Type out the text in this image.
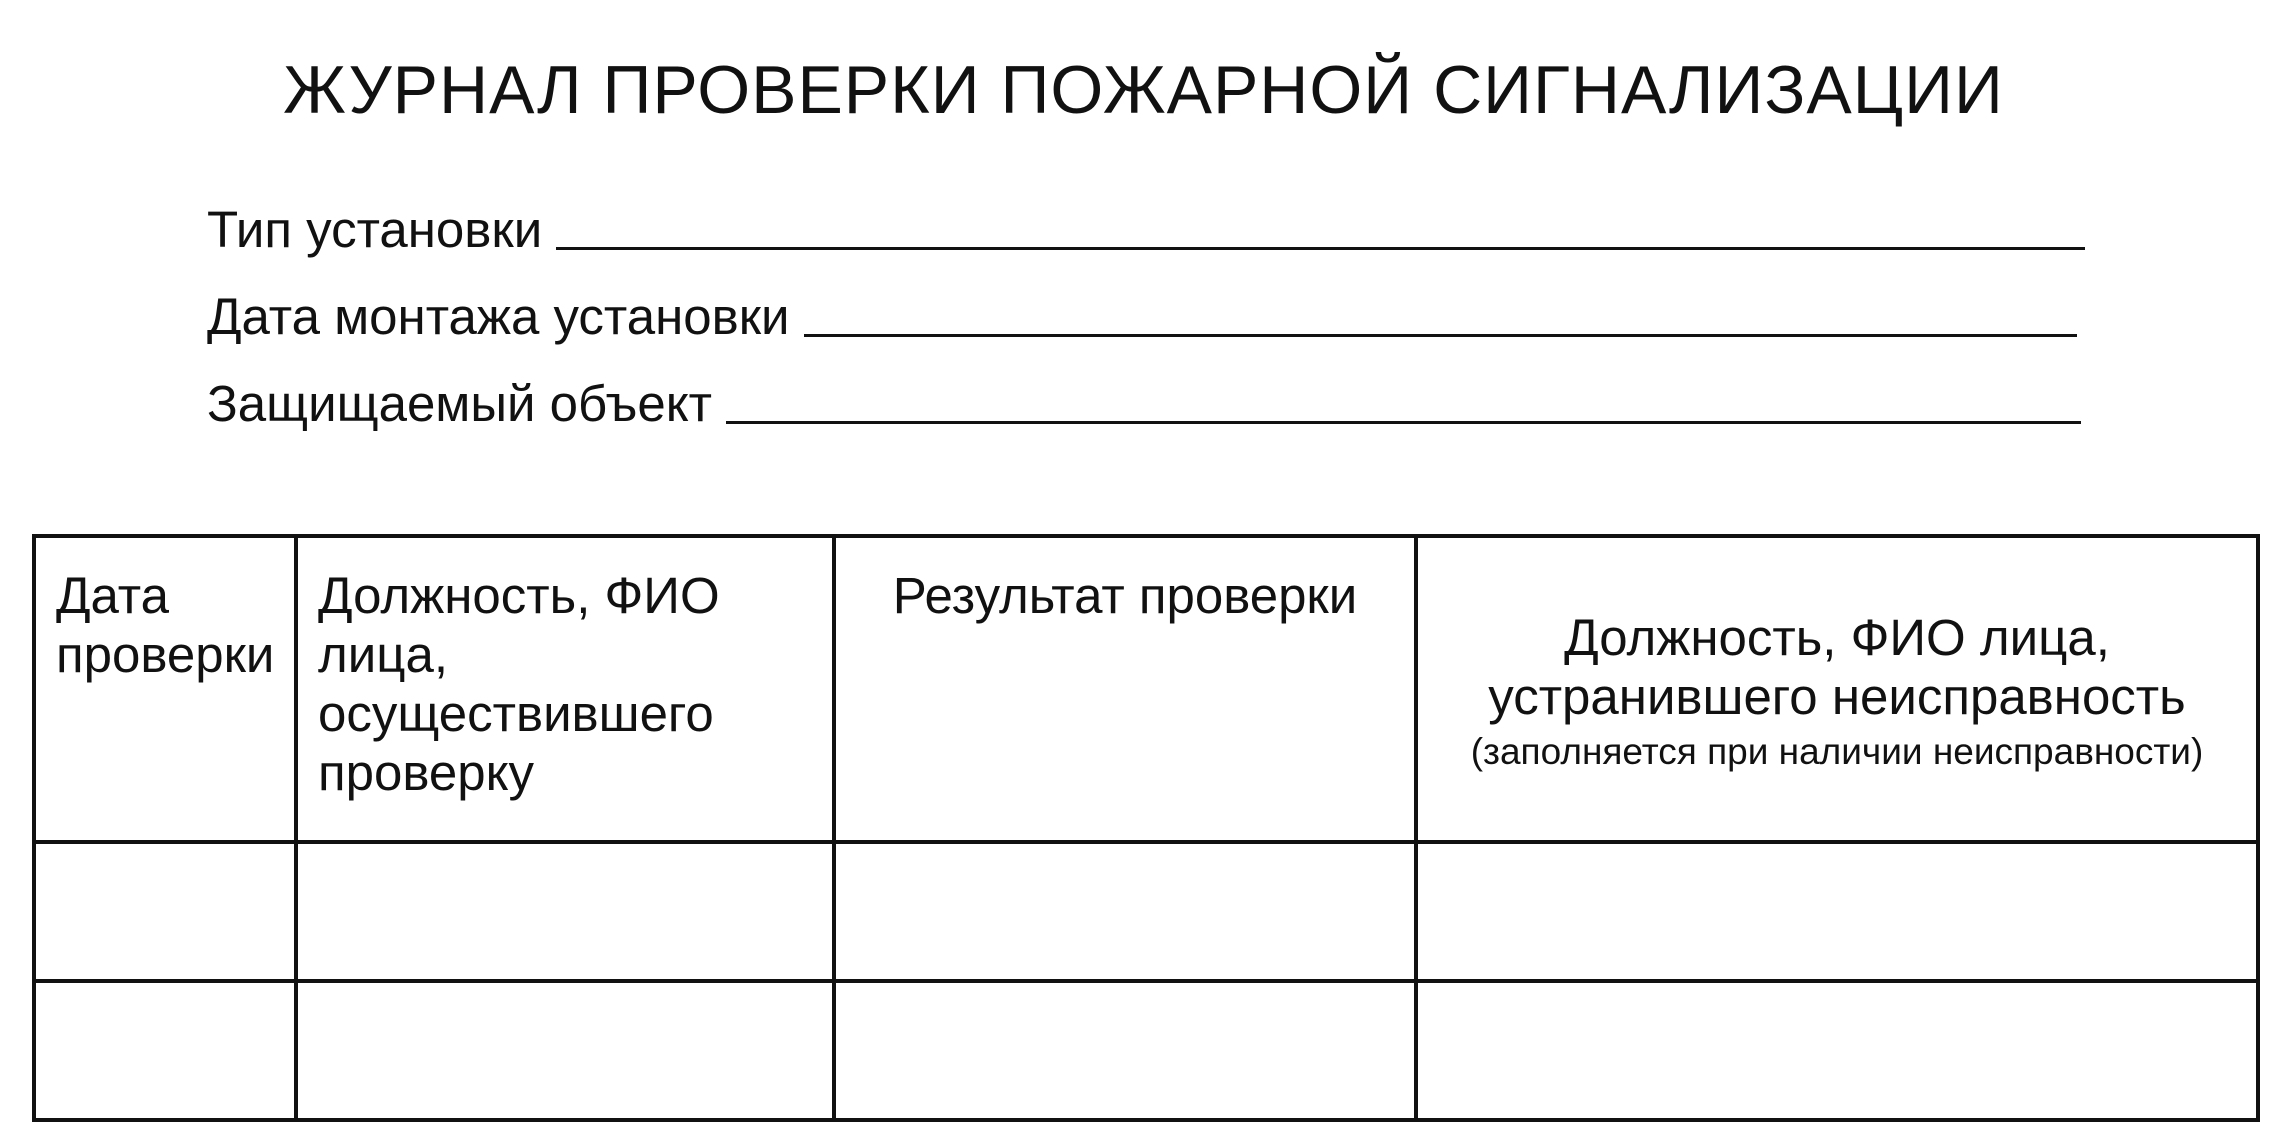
ЖУРНАЛ ПРОВЕРКИ ПОЖАРНОЙ СИГНАЛИЗАЦИИ
Тип установки
Дата монтажа установки
Защищаемый объект
Дата проверки	Должность, ФИО лица, осуществившего проверку	Результат проверки	Должность, ФИО лица, устранившего неисправность
(заполняется при наличии неисправности)
